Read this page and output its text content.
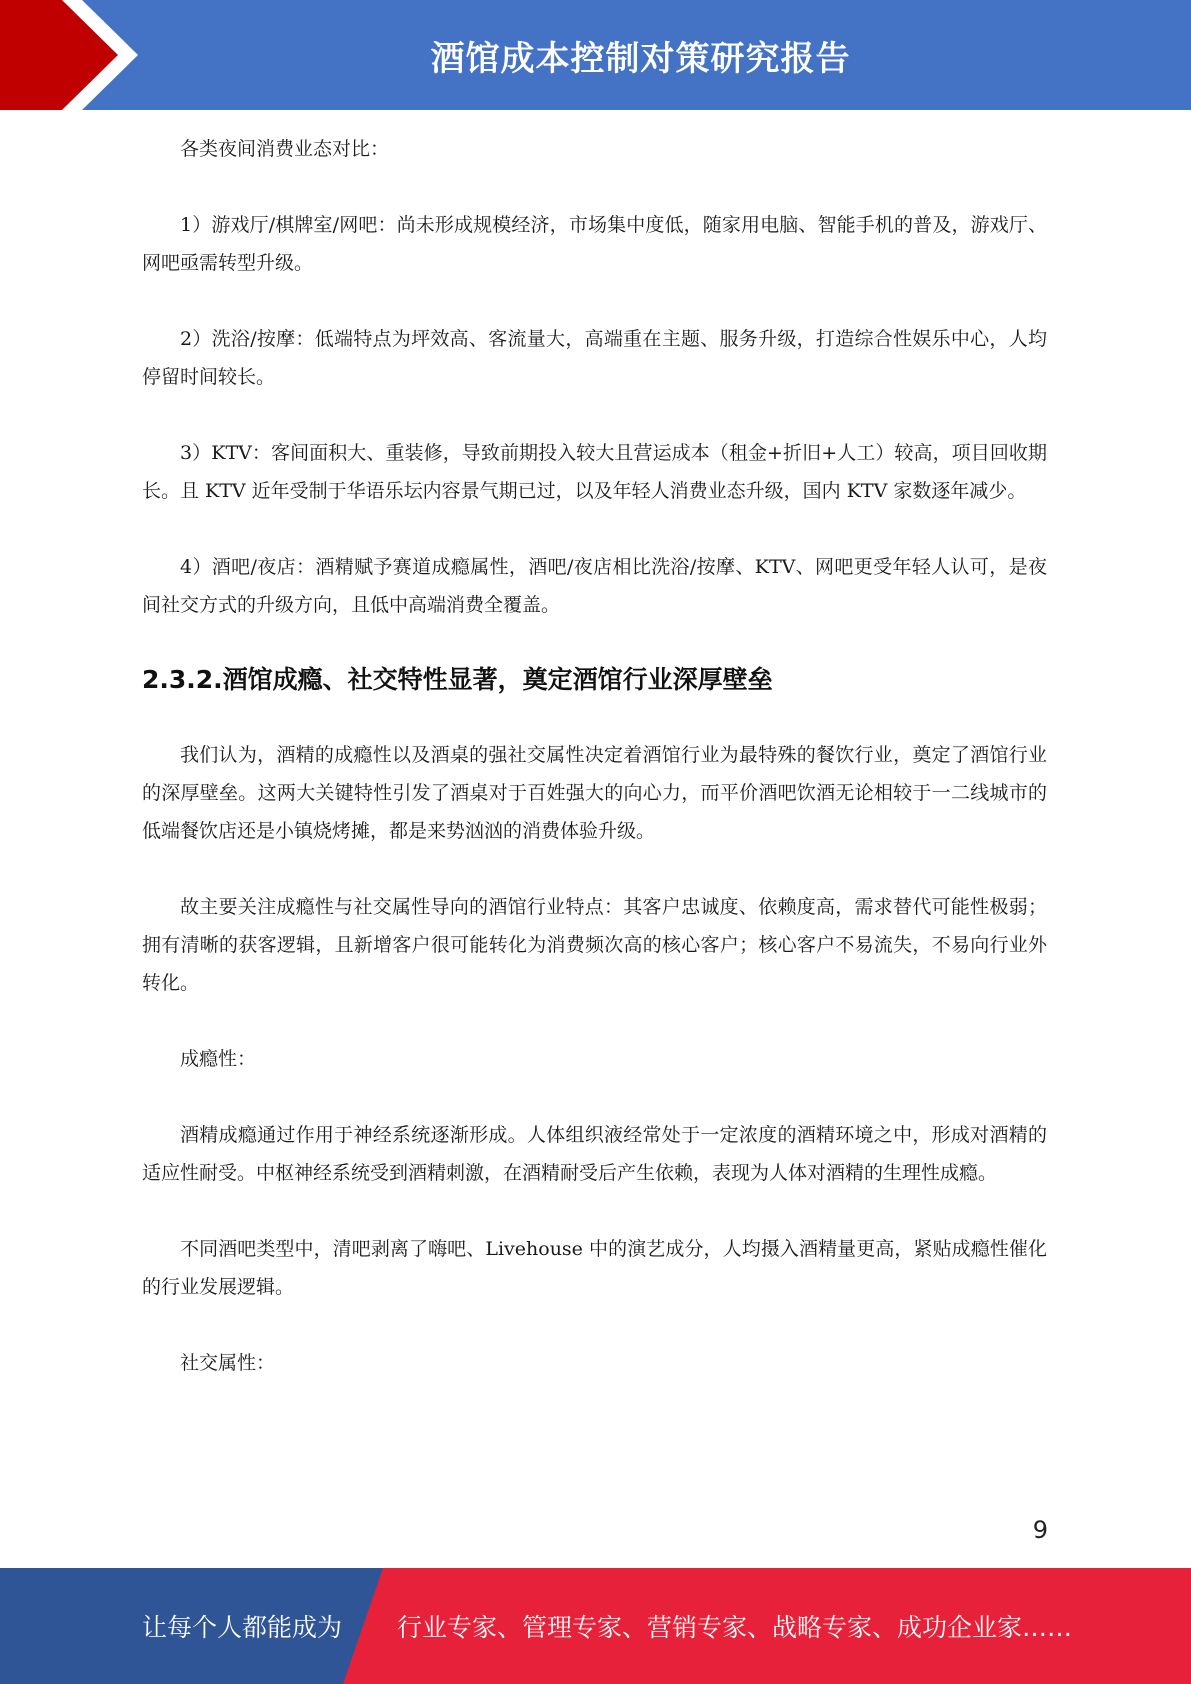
酒馆成本控制对策研究报告

各类夜间消费业态对比：

1）游戏厅/棋牌室/网吧：尚未形成规模经济，市场集中度低，随家用电脑、智能手机的普及，游戏厅、网吧亟需转型升级。

2）洗浴/按摩：低端特点为坪效高、客流量大，高端重在主题、服务升级，打造综合性娱乐中心，人均停留时间较长。

3）KTV：客间面积大、重装修，导致前期投入较大且营运成本（租金+折旧+人工）较高，项目回收期长。且 KTV 近年受制于华语乐坛内容景气期已过，以及年轻人消费业态升级，国内 KTV 家数逐年减少。

4）酒吧/夜店：酒精赋予赛道成瘾属性，酒吧/夜店相比洗浴/按摩、KTV、网吧更受年轻人认可，是夜间社交方式的升级方向，且低中高端消费全覆盖。

2.3.2.酒馆成瘾、社交特性显著，奠定酒馆行业深厚壁垒

我们认为，酒精的成瘾性以及酒桌的强社交属性决定着酒馆行业为最特殊的餐饮行业，奠定了酒馆行业的深厚壁垒。这两大关键特性引发了酒桌对于百姓强大的向心力，而平价酒吧饮酒无论相较于一二线城市的低端餐饮店还是小镇烧烤摊，都是来势汹汹的消费体验升级。

故主要关注成瘾性与社交属性导向的酒馆行业特点：其客户忠诚度、依赖度高，需求替代可能性极弱；拥有清晰的获客逻辑，且新增客户很可能转化为消费频次高的核心客户；核心客户不易流失，不易向行业外转化。

成瘾性：

酒精成瘾通过作用于神经系统逐渐形成。人体组织液经常处于一定浓度的酒精环境之中，形成对酒精的适应性耐受。中枢神经系统受到酒精刺激，在酒精耐受后产生依赖，表现为人体对酒精的生理性成瘾。

不同酒吧类型中，清吧剥离了嗨吧、Livehouse 中的演艺成分，人均摄入酒精量更高，紧贴成瘾性催化的行业发展逻辑。

社交属性：

9
让每个人都能成为 行业专家、管理专家、营销专家、战略专家、成功企业家……
